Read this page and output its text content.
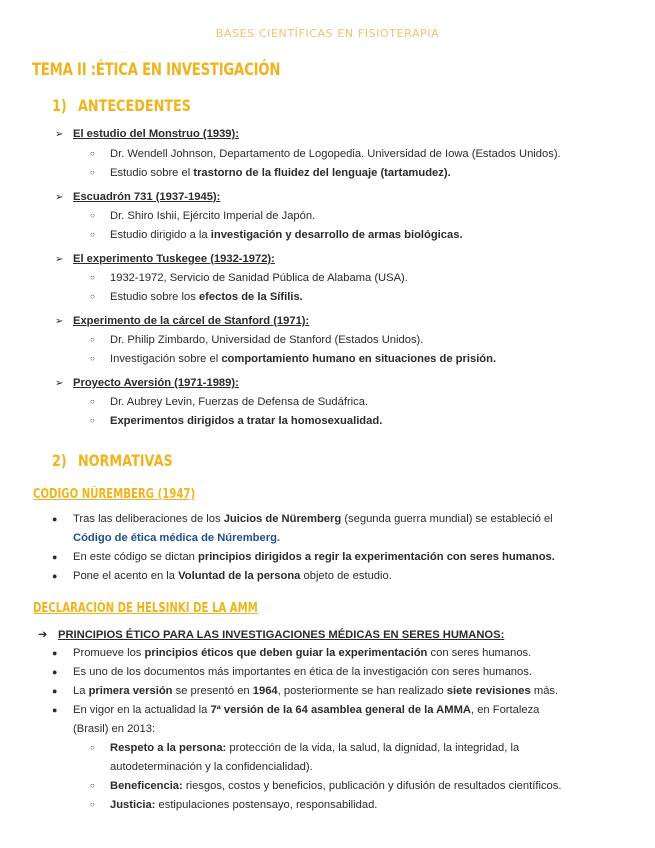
BASES CIENTÍFICAS EN FISIOTERAPIA
TEMA II :ÉTICA EN INVESTIGACIÓN
1) ANTECEDENTES
➢ El estudio del Monstruo (1939):
○ Dr. Wendell Johnson, Departamento de Logopedia. Universidad de Iowa (Estados Unidos).
○ Estudio sobre el trastorno de la fluidez del lenguaje (tartamudez).
➢ Escuadrón 731 (1937-1945):
○ Dr. Shiro Ishii, Ejército Imperial de Japón.
○ Estudio dirigido a la investigación y desarrollo de armas biológicas.
➢ El experimento Tuskegee (1932-1972):
○ 1932-1972, Servicio de Sanidad Pública de Alabama (USA).
○ Estudio sobre los efectos de la Sífilis.
➢ Experimento de la cárcel de Stanford (1971):
○ Dr. Philip Zimbardo, Universidad de Stanford (Estados Unidos).
○ Investigación sobre el comportamiento humano en situaciones de prisión.
➢ Proyecto Aversión (1971-1989):
○ Dr. Aubrey Levin, Fuerzas de Defensa de Sudáfrica.
○ Experimentos dirigidos a tratar la homosexualidad.
2) NORMATIVAS
CÓDIGO NÜREMBERG (1947)
● Tras las deliberaciones de los Juicios de Nüremberg (segunda guerra mundial) se estableció el
Código de ética médica de Núremberg.
● En este código se dictan principios dirigidos a regir la experimentación con seres humanos.
● Pone el acento en la Voluntad de la persona objeto de estudio.
DECLARACIÓN DE HELSINKI DE LA AMM
➔ PRINCIPIOS ÉTICO PARA LAS INVESTIGACIONES MÉDICAS EN SERES HUMANOS:
● Promueve los principios éticos que deben guiar la experimentación con seres humanos.
● Es uno de los documentos más importantes en ética de la investigación con seres humanos.
● La primera versión se presentó en 1964, posteriormente se han realizado siete revisiones más.
● En vigor en la actualidad la 7ª versión de la 64 asamblea general de la AMMA, en Fortaleza
(Brasil) en 2013:
○ Respeto a la persona: protección de la vida, la salud, la dignidad, la integridad, la
autodeterminación y la confidencialidad).
○ Beneficencia: riesgos, costos y beneficios, publicación y difusión de resultados científicos.
○ Justicia: estipulaciones postensayo, responsabilidad.
